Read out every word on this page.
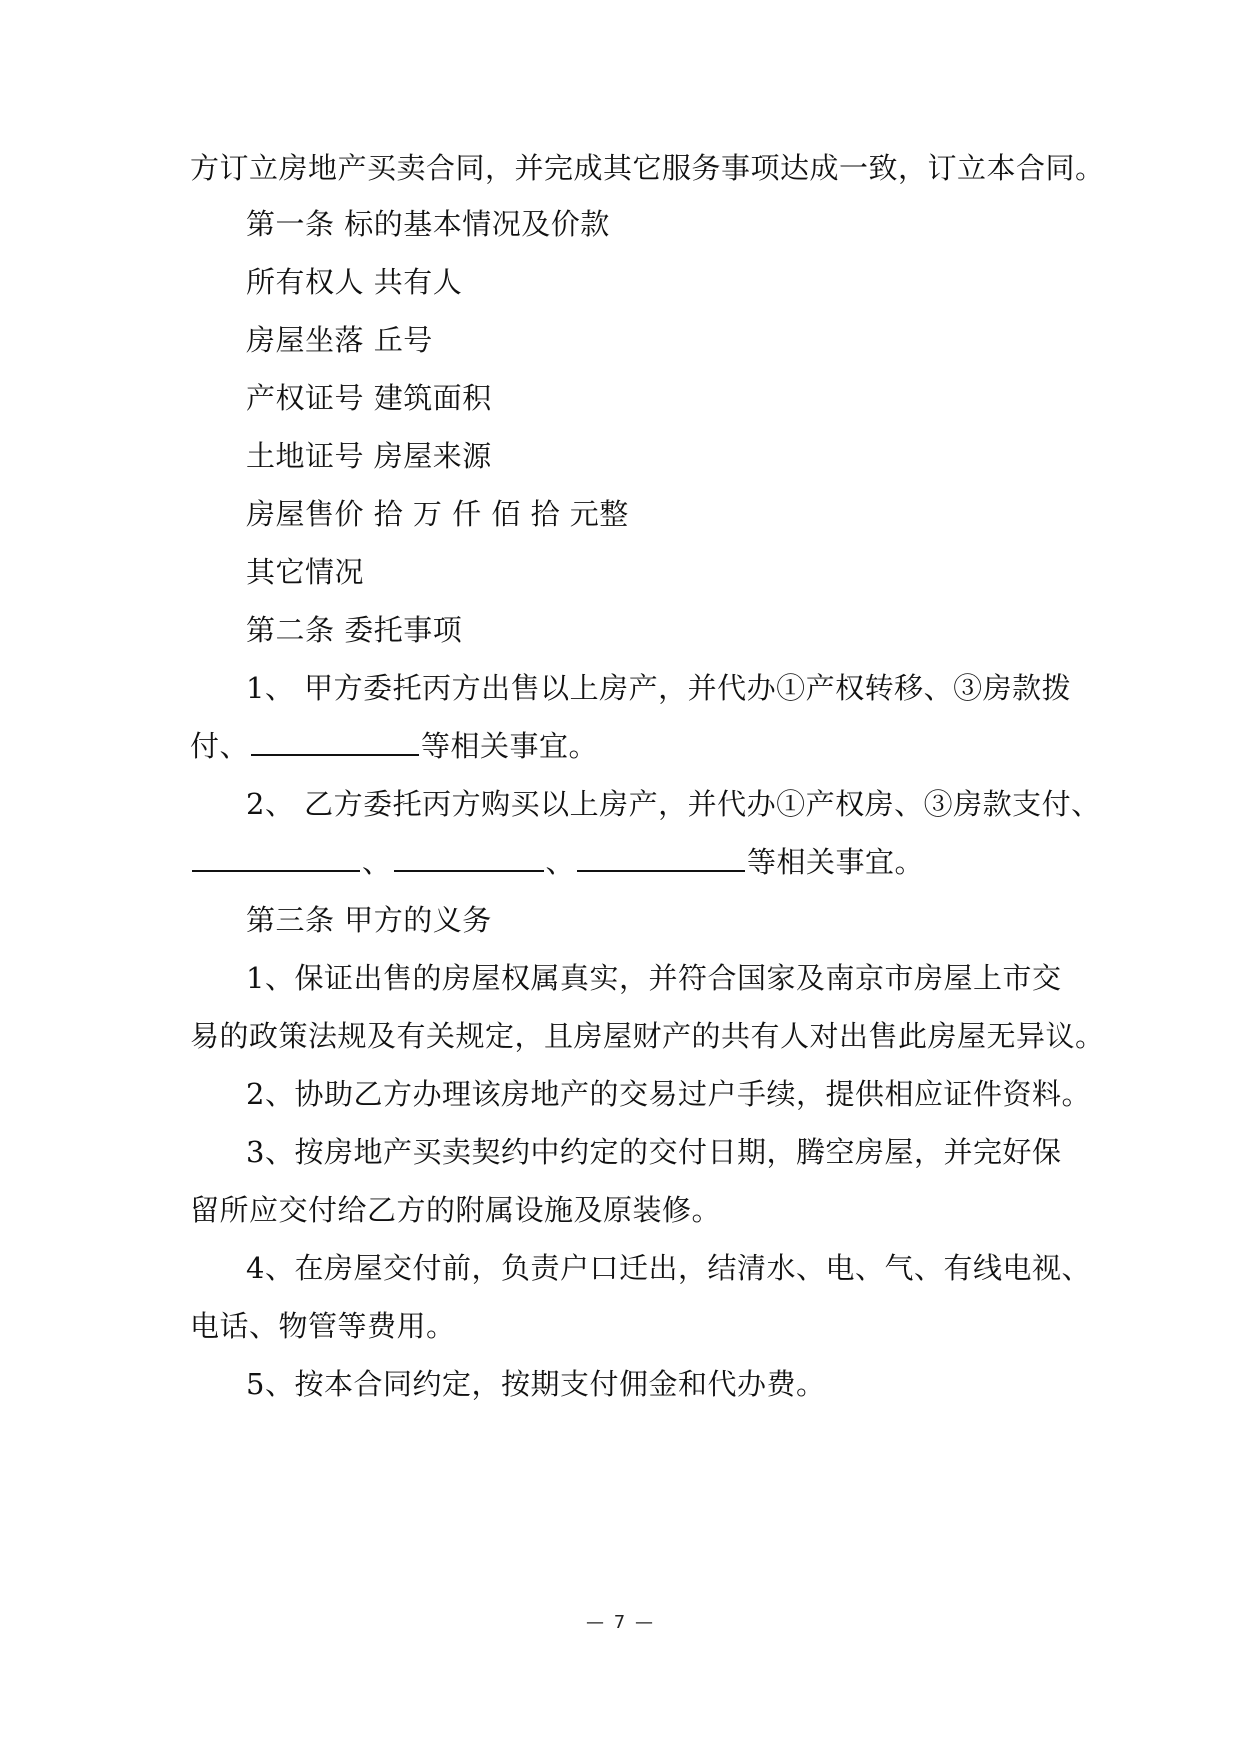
方订立房地产买卖合同，并完成其它服务事项达成一致，订立本合同。
第一条 标的基本情况及价款
所有权人 共有人
房屋坐落 丘号
产权证号 建筑面积
土地证号 房屋来源
房屋售价 拾 万 仟 佰 拾 元整
其它情况
第二条 委托事项
1、 甲方委托丙方出售以上房产，并代办①产权转移、③房款拨
付、	等相关事宜。
2、 乙方委托丙方购买以上房产，并代办①产权房、③房款支付、
、	、	等相关事宜。
第三条 甲方的义务
1、保证出售的房屋权属真实，并符合国家及南京市房屋上市交
易的政策法规及有关规定，且房屋财产的共有人对出售此房屋无异议。
2、协助乙方办理该房地产的交易过户手续，提供相应证件资料。
3、按房地产买卖契约中约定的交付日期，腾空房屋，并完好保
留所应交付给乙方的附属设施及原装修。
4、在房屋交付前，负责户口迁出，结清水、电、气、有线电视、
电话、物管等费用。
5、按本合同约定，按期支付佣金和代办费。
— 7 —
